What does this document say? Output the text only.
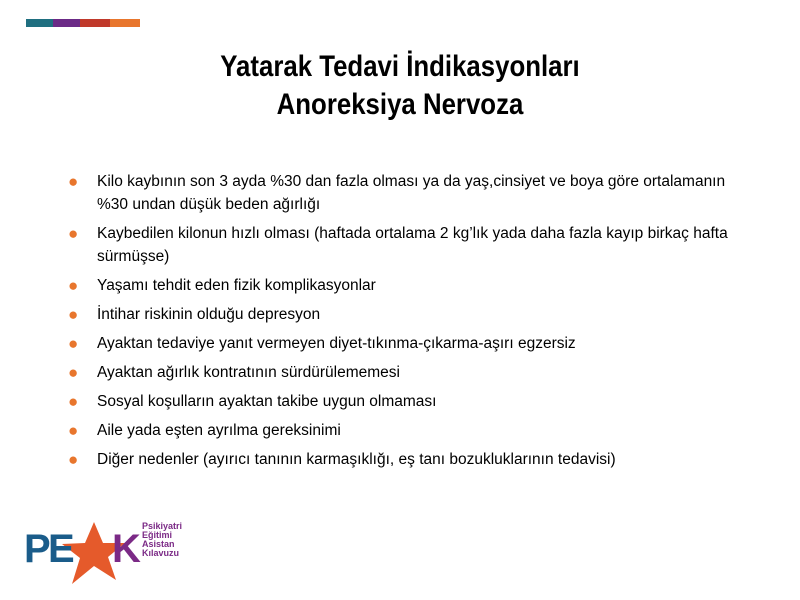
Yatarak Tedavi İndikasyonları
Anoreksiya Nervoza
● Kilo kaybının son 3 ayda %30 dan fazla olması ya da yaş,cinsiyet ve boya göre ortalamanın %30 undan düşük beden ağırlığı
● Kaybedilen kilonun hızlı olması (haftada ortalama 2 kg’lık yada daha fazla kayıp birkaç hafta sürmüşse)
● Yaşamı tehdit eden fizik komplikasyonlar
● İntihar riskinin olduğu depresyon
● Ayaktan tedaviye yanıt vermeyen diyet-tıkınma-çıkarma-aşırı egzersiz
● Ayaktan ağırlık kontratının sürdürülememesi
● Sosyal koşulların ayaktan takibe uygun olmaması
● Aile yada eşten ayrılma gereksinimi
● Diğer nedenler (ayırıcı tanının karmaşıklığı, eş tanı bozukluklarının tedavisi)
P
E K
Psikiyatri
Eğitimi
Asistan
Kılavuzu
